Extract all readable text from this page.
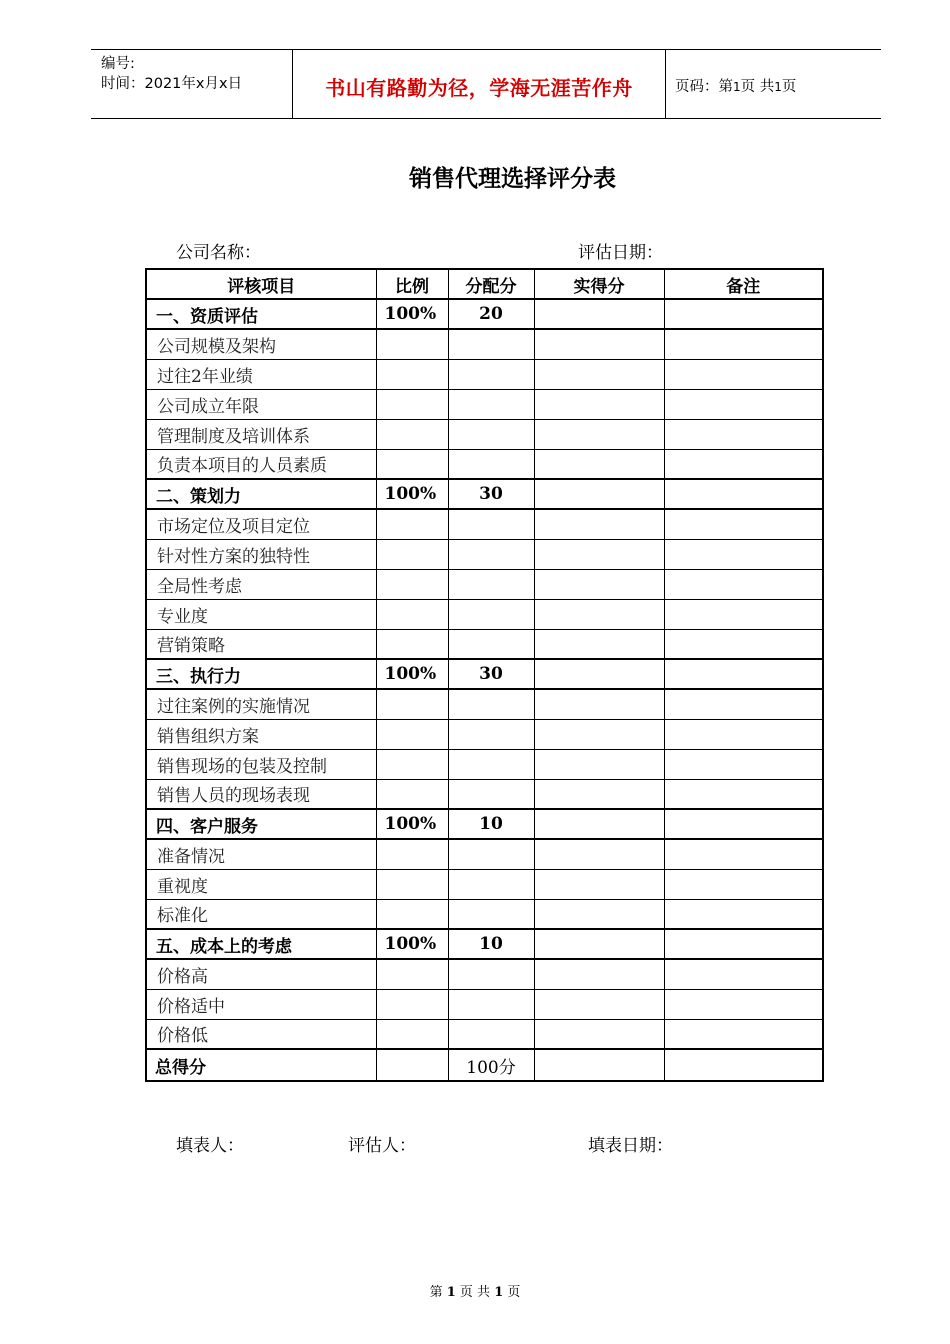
编号:
时间：2021年x月x日	书山有路勤为径，学海无涯苦作舟	页码：第1页 共1页
销售代理选择评分表
公司名称：	评估日期：
评核项目	比例	分配分	实得分	备注
一、资质评估	100%	20		
公司规模及架构				
过往2年业绩				
公司成立年限				
管理制度及培训体系				
负责本项目的人员素质				
二、策划力	100%	30		
市场定位及项目定位				
针对性方案的独特性				
全局性考虑				
专业度				
营销策略				
三、执行力	100%	30		
过往案例的实施情况				
销售组织方案				
销售现场的包装及控制				
销售人员的现场表现				
四、客户服务	100%	10		
准备情况				
重视度				
标准化				
五、成本上的考虑	100%	10		
价格高				
价格适中				
价格低				
总得分		100分		
填表人：	评估人：	填表日期：
第 1 页 共 1 页
